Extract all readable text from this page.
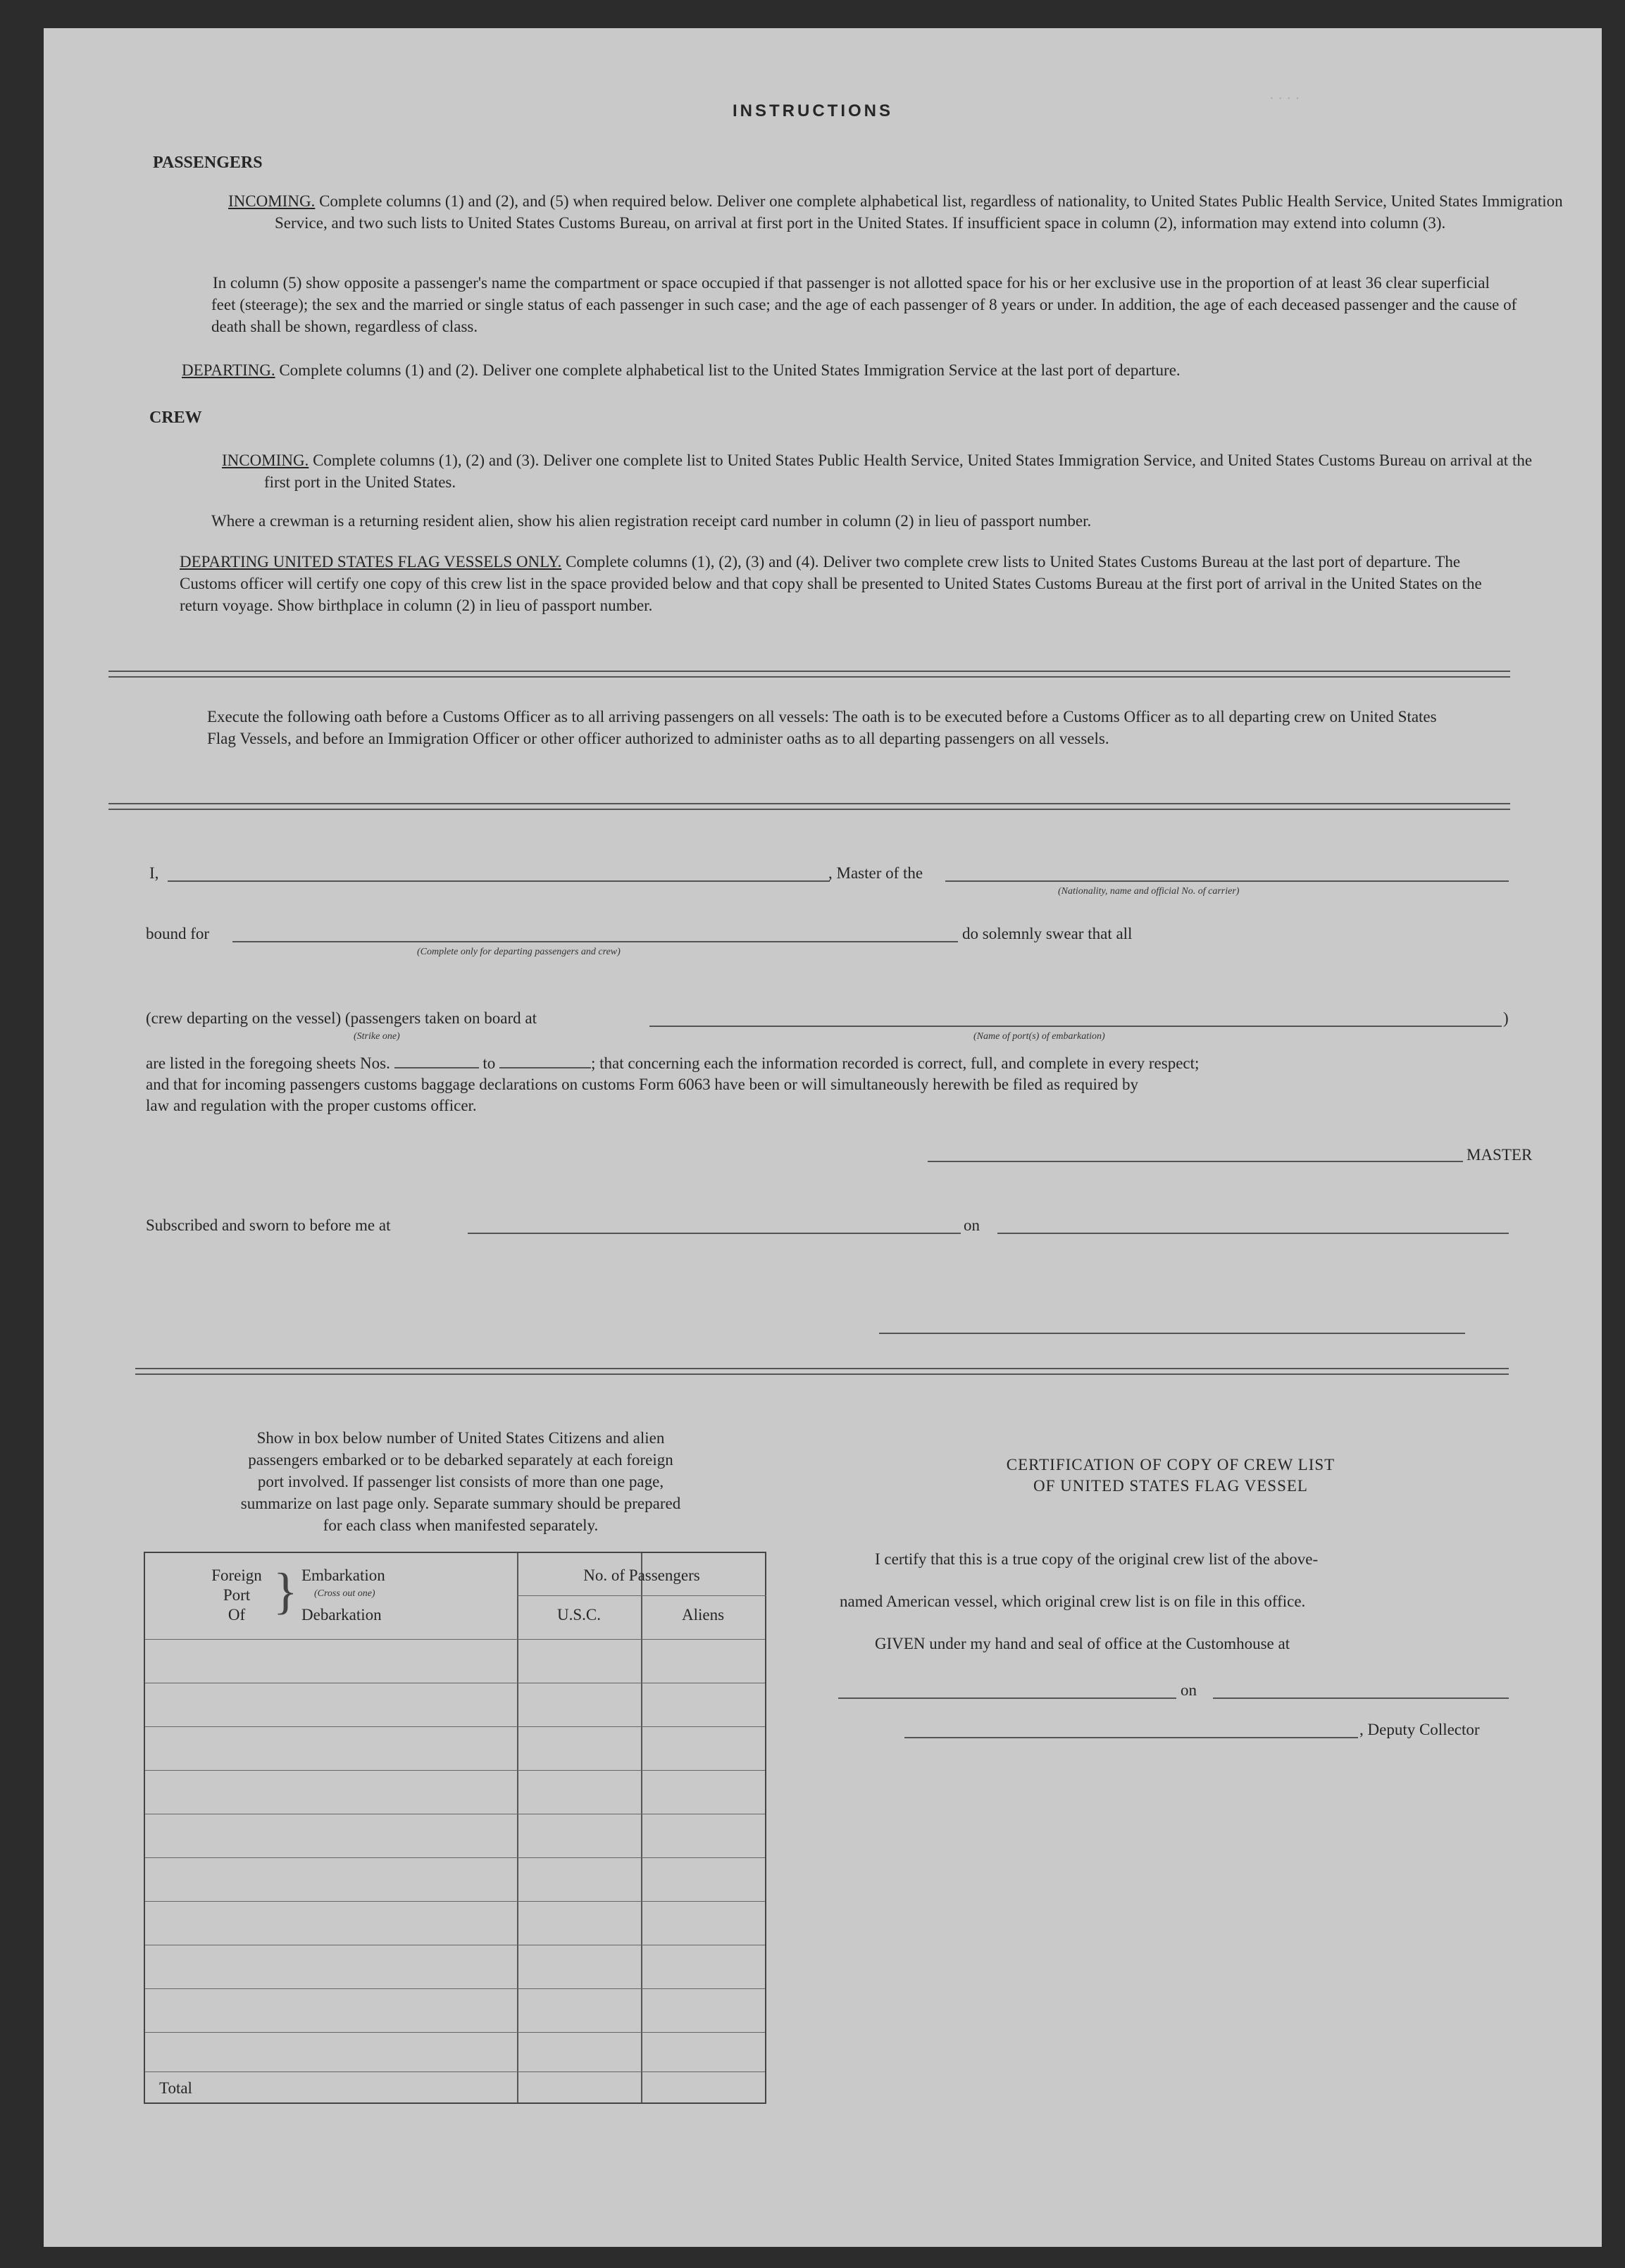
INSTRUCTIONS
· · · ·
PASSENGERS
INCOMING. Complete columns (1) and (2), and (5) when required below. Deliver one complete alphabetical list, regardless of nationality, to United States Public Health Service, United States Immigration Service, and two such lists to United States Customs Bureau, on arrival at first port in the United States. If insufficient space in column (2), information may extend into column (3).
In column (5) show opposite a passenger's name the compartment or space occupied if that passenger is not allotted space for his or her exclusive use in the proportion of at least 36 clear superficial feet (steerage); the sex and the married or single status of each passenger in such case; and the age of each passenger of 8 years or under. In addition, the age of each deceased passenger and the cause of death shall be shown, regardless of class.
DEPARTING. Complete columns (1) and (2). Deliver one complete alphabetical list to the United States Immigration Service at the last port of departure.
CREW
INCOMING. Complete columns (1), (2) and (3). Deliver one complete list to United States Public Health Service, United States Immigration Service, and United States Customs Bureau on arrival at the first port in the United States.
Where a crewman is a returning resident alien, show his alien registration receipt card number in column (2) in lieu of passport number.
DEPARTING UNITED STATES FLAG VESSELS ONLY. Complete columns (1), (2), (3) and (4). Deliver two complete crew lists to United States Customs Bureau at the last port of departure. The Customs officer will certify one copy of this crew list in the space provided below and that copy shall be presented to United States Customs Bureau at the first port of arrival in the United States on the return voyage. Show birthplace in column (2) in lieu of passport number.
Execute the following oath before a Customs Officer as to all arriving passengers on all vessels: The oath is to be executed before a Customs Officer as to all departing crew on United States Flag Vessels, and before an Immigration Officer or other officer authorized to administer oaths as to all departing passengers on all vessels.
I,	, Master of the
(Nationality, name and official No. of carrier)
bound for
(Complete only for departing passengers and crew)
do solemnly swear that all
(crew departing on the vessel) (passengers taken on board at	)
(Strike one)	(Name of port(s) of embarkation)
are listed in the foregoing sheets Nos.	to	; that concerning each the information recorded is correct, full, and complete in every respect;
and that for incoming passengers customs baggage declarations on customs Form 6063 have been or will simultaneously herewith be filed as required by
law and regulation with the proper customs officer.
MASTER
Subscribed and sworn to before me at	on
Show in box below number of United States Citizens and alien
passengers embarked or to be debarked separately at each foreign
port involved. If passenger list consists of more than one page,
summarize on last page only. Separate summary should be prepared
for each class when manifested separately.
Foreign
Port
Of } Embarkation
(Cross out one)
Debarkation
No. of Passengers
U.S.C.	Aliens
Total
CERTIFICATION OF COPY OF CREW LIST
OF UNITED STATES FLAG VESSEL
I certify that this is a true copy of the original crew list of the above-
named American vessel, which original crew list is on file in this office.
GIVEN under my hand and seal of office at the Customhouse at
on
, Deputy Collector
